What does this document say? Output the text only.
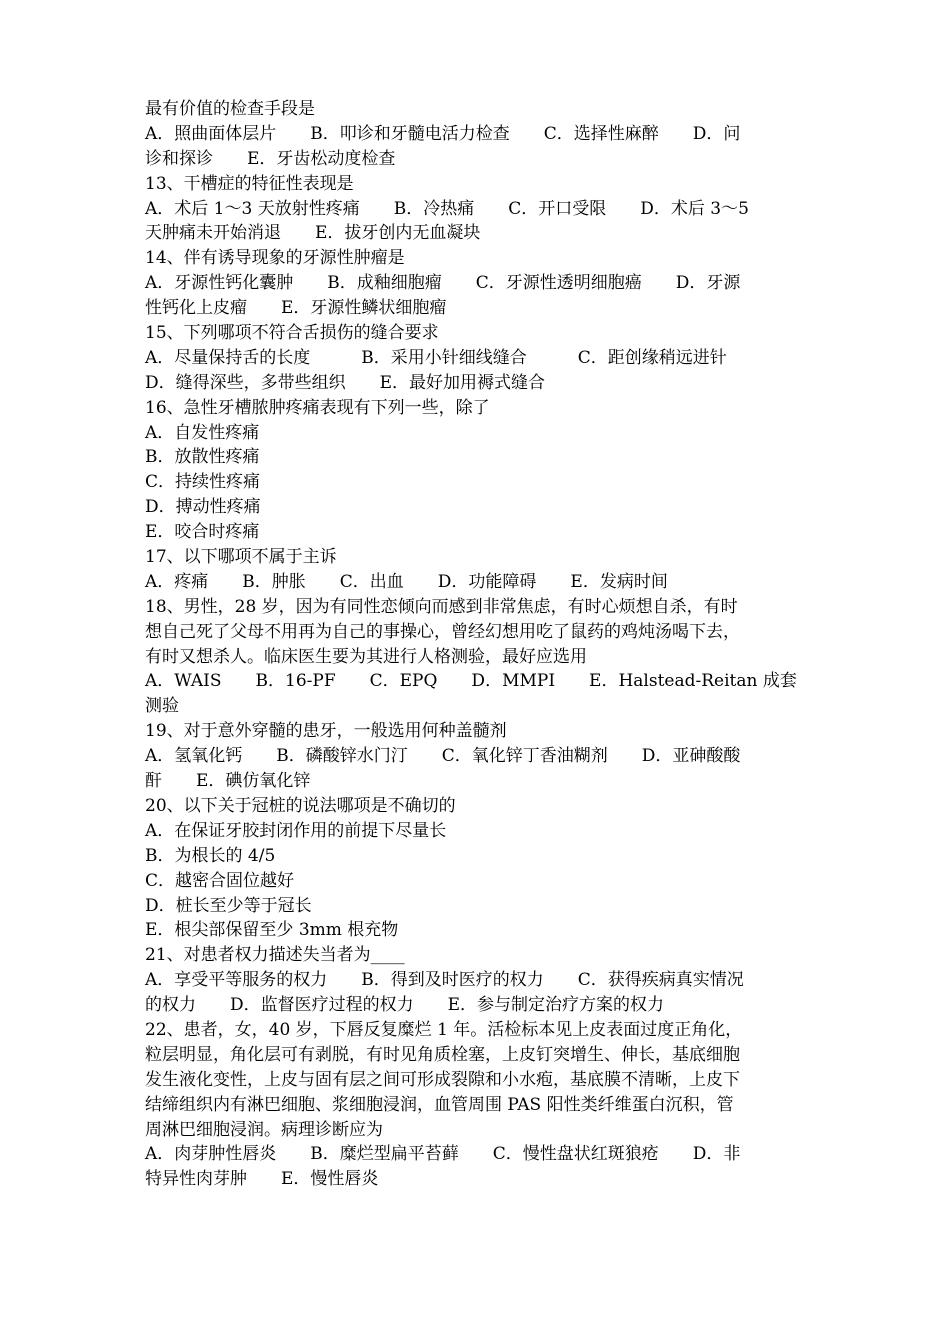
最有价值的检查手段是
A．照曲面体层片　　B．叩诊和牙髓电活力检查　　C．选择性麻醉　　D．问
诊和探诊　　E．牙齿松动度检查
13、干槽症的特征性表现是
A．术后 1～3 天放射性疼痛　　B．冷热痛　　C．开口受限　　D．术后 3～5
天肿痛未开始消退　　E．拔牙创内无血凝块
14、伴有诱导现象的牙源性肿瘤是
A．牙源性钙化囊肿　　B．成釉细胞瘤　　C．牙源性透明细胞癌　　D．牙源
性钙化上皮瘤　　E．牙源性鳞状细胞瘤
15、下列哪项不符合舌损伤的缝合要求
A．尽量保持舌的长度　　　B．采用小针细线缝合　　　C．距创缘稍远进针
D．缝得深些，多带些组织　　E．最好加用褥式缝合
16、急性牙槽脓肿疼痛表现有下列一些，除了
A．自发性疼痛
B．放散性疼痛
C．持续性疼痛
D．搏动性疼痛
E．咬合时疼痛
17、以下哪项不属于主诉
A．疼痛　　B．肿胀　　C．出血　　D．功能障碍　　E．发病时间
18、男性，28 岁，因为有同性恋倾向而感到非常焦虑，有时心烦想自杀，有时
想自己死了父母不用再为自己的事操心，曾经幻想用吃了鼠药的鸡炖汤喝下去，
有时又想杀人。临床医生要为其进行人格测验，最好应选用
A．WAIS　　B．16-PF　　C．EPQ　　D．MMPI　　E．Halstead-Reitan 成套
测验
19、对于意外穿髓的患牙，一般选用何种盖髓剂
A．氢氧化钙　　B．磷酸锌水门汀　　C．氧化锌丁香油糊剂　　D．亚砷酸酸
酐　　E．碘仿氧化锌
20、以下关于冠桩的说法哪项是不确切的
A．在保证牙胶封闭作用的前提下尽量长
B．为根长的 4/5
C．越密合固位越好
D．桩长至少等于冠长
E．根尖部保留至少 3mm 根充物
21、对患者权力描述失当者为____
A．享受平等服务的权力　　B．得到及时医疗的权力　　C．获得疾病真实情况
的权力　　D．监督医疗过程的权力　　E．参与制定治疗方案的权力
22、患者，女，40 岁，下唇反复糜烂 1 年。活检标本见上皮表面过度正角化，
粒层明显，角化层可有剥脱，有时见角质栓塞，上皮钉突增生、伸长，基底细胞
发生液化变性，上皮与固有层之间可形成裂隙和小水疱，基底膜不清晰，上皮下
结缔组织内有淋巴细胞、浆细胞浸润，血管周围 PAS 阳性类纤维蛋白沉积，管
周淋巴细胞浸润。病理诊断应为
A．肉芽肿性唇炎　　B．糜烂型扁平苔藓　　C．慢性盘状红斑狼疮　　D．非
特异性肉芽肿　　E．慢性唇炎
